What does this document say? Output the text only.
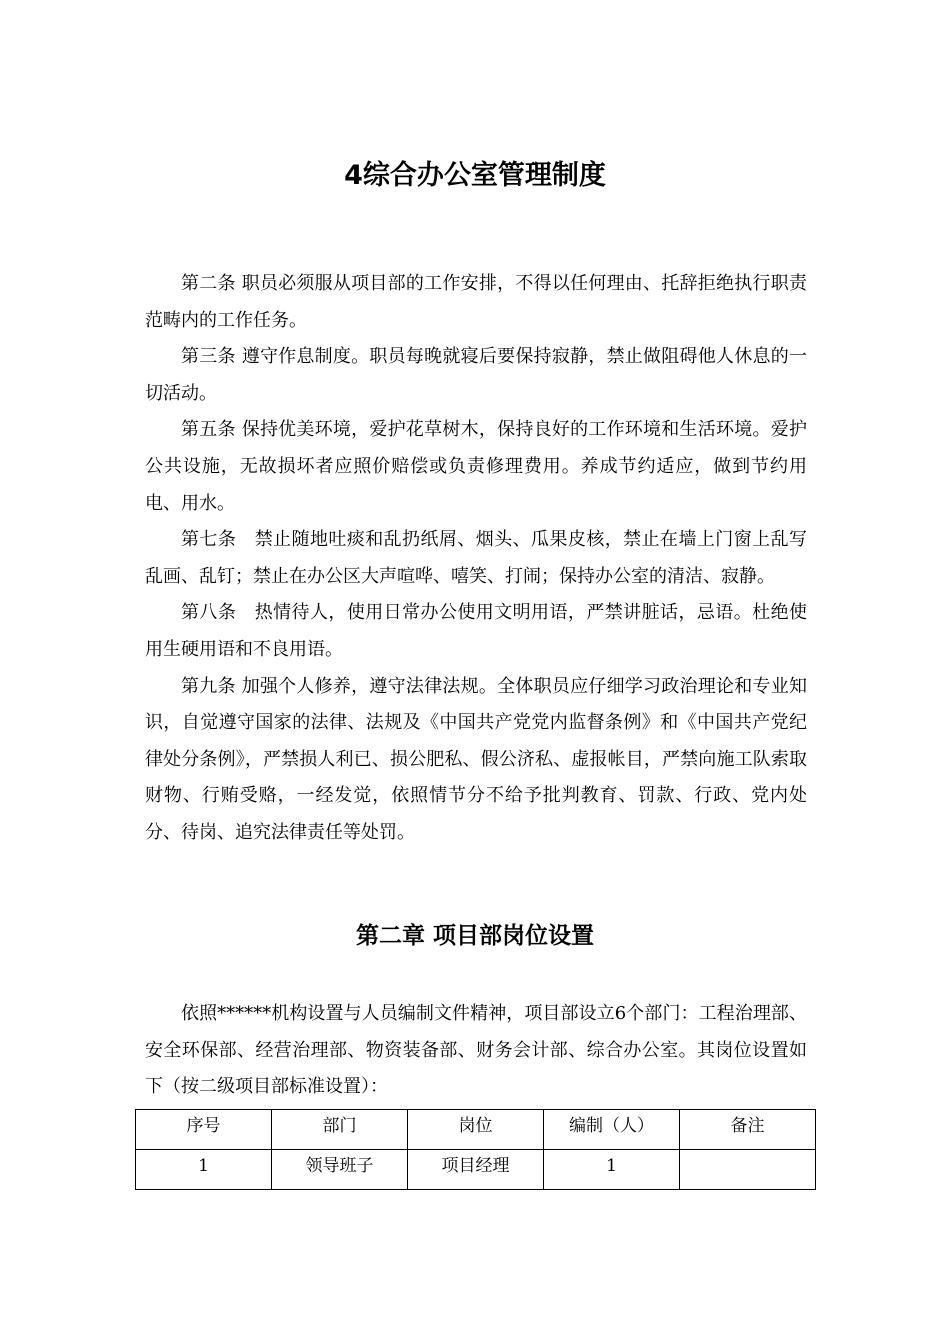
4综合办公室管理制度

第二条 职员必须服从项目部的工作安排，不得以任何理由、托辞拒绝执行职责范畴内的工作任务。

第三条 遵守作息制度。职员每晚就寝后要保持寂静，禁止做阻碍他人休息的一切活动。

第五条 保持优美环境，爱护花草树木，保持良好的工作环境和生活环境。爱护公共设施，无故损坏者应照价赔偿或负责修理费用。养成节约适应，做到节约用电、用水。

第七条　禁止随地吐痰和乱扔纸屑、烟头、瓜果皮核，禁止在墙上门窗上乱写乱画、乱钉；禁止在办公区大声喧哗、嘻笑、打闹；保持办公室的清洁、寂静。

第八条　热情待人，使用日常办公使用文明用语，严禁讲脏话，忌语。杜绝使用生硬用语和不良用语。

第九条 加强个人修养，遵守法律法规。全体职员应仔细学习政治理论和专业知识，自觉遵守国家的法律、法规及《中国共产党党内监督条例》和《中国共产党纪律处分条例》，严禁损人利已、损公肥私、假公济私、虚报帐目，严禁向施工队索取财物、行贿受赂，一经发觉，依照情节分不给予批判教育、罚款、行政、党内处分、待岗、追究法律责任等处罚。

第二章 项目部岗位设置

依照******机构设置与人员编制文件精神，项目部设立6个部门：工程治理部、安全环保部、经营治理部、物资装备部、财务会计部、综合办公室。其岗位设置如下（按二级项目部标准设置）：

序号	部门	岗位	编制（人）	备注
1	领导班子	项目经理	1	
